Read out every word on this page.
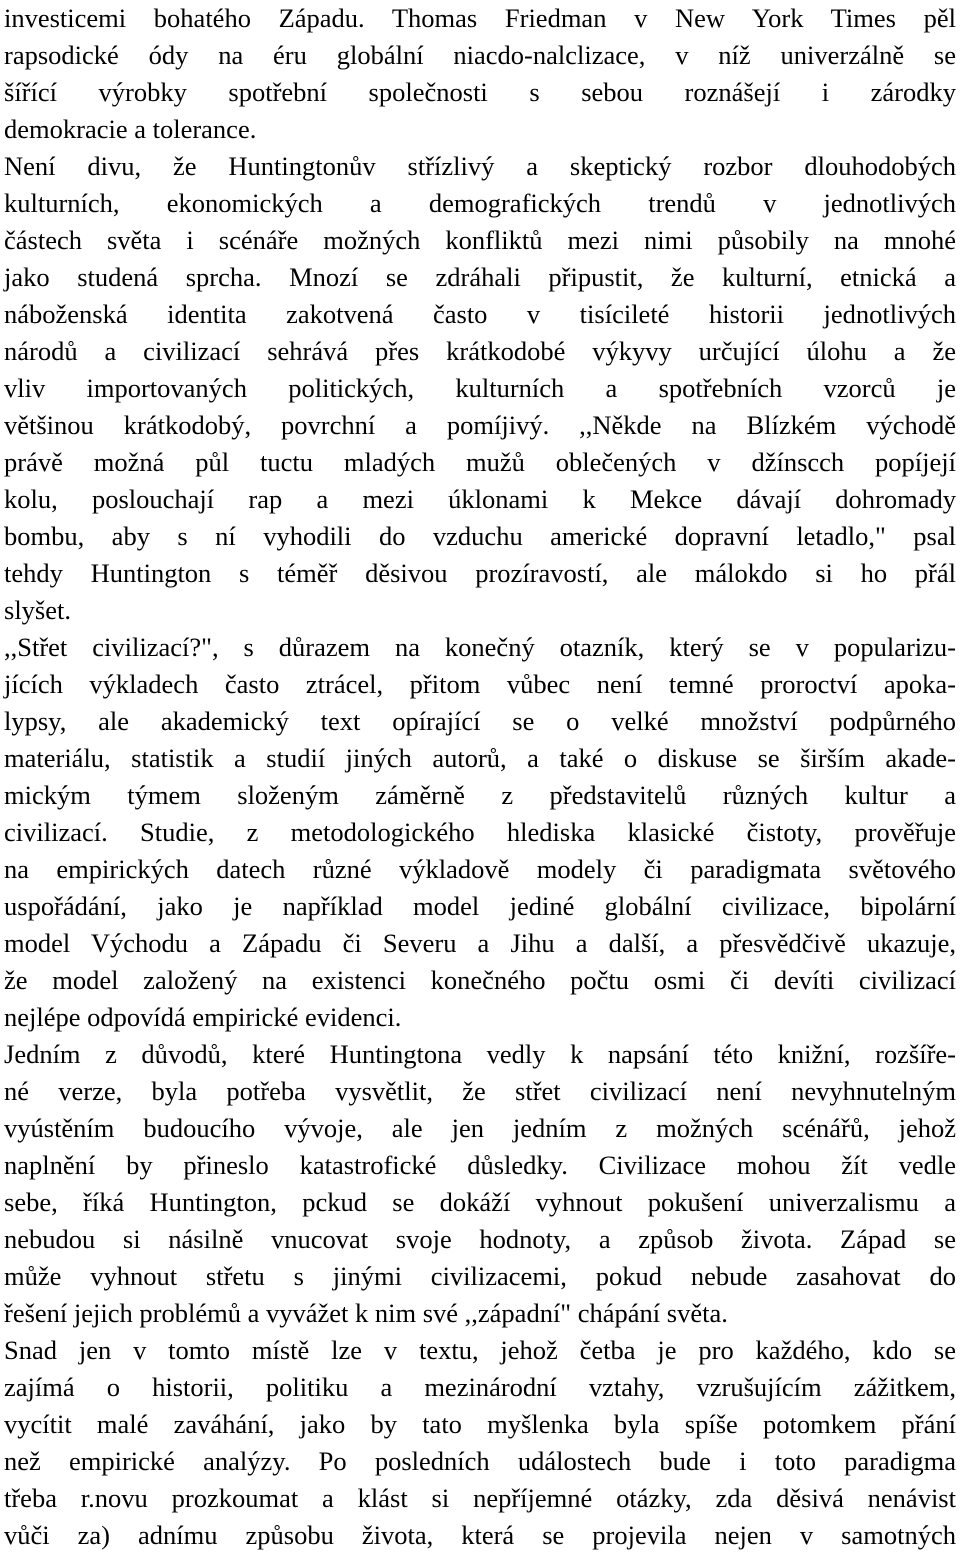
investicemi bohatého Západu. Thomas Friedman v New York Times pěl
rapsodické ódy na éru globální niacdo-nalclizace, v níž univerzálně se
šířící výrobky spotřební společnosti s sebou roznášejí i zárodky
demokracie a tolerance.
Není divu, že Huntingtonův střízlivý a skeptický rozbor dlouhodobých
kulturních, ekonomických a demografických trendů v jednotlivých
částech světa i scénáře možných konfliktů mezi nimi působily na mnohé
jako studená sprcha. Mnozí se zdráhali připustit, že kulturní, etnická a
náboženská identita zakotvená často v tisícileté historii jednotlivých
národů a civilizací sehrává přes krátkodobé výkyvy určující úlohu a že
vliv importovaných politických, kulturních a spotřebních vzorců je
většinou krátkodobý, povrchní a pomíjivý. ,,Někde na Blízkém východě
právě možná půl tuctu mladých mužů oblečených v džínscch popíjejí
kolu, poslouchají rap a mezi úklonami k Mekce dávají dohromady
bombu, aby s ní vyhodili do vzduchu americké dopravní letadlo," psal
tehdy Huntington s téměř děsivou prozíravostí, ale málokdo si ho přál
slyšet.
,,Střet civilizací?", s důrazem na konečný otazník, který se v popularizu-
jících výkladech často ztrácel, přitom vůbec není temné proroctví apoka-
lypsy, ale akademický text opírající se o velké množství podpůrného
materiálu, statistik a studií jiných autorů, a také o diskuse se širším akade-
mickým týmem složeným záměrně z představitelů různých kultur a
civilizací. Studie, z metodologického hlediska klasické čistoty, prověřuje
na empirických datech různé výkladově modely či paradigmata světového
uspořádání, jako je například model jediné globální civilizace, bipolární
model Východu a Západu či Severu a Jihu a další, a přesvědčivě ukazuje,
že model založený na existenci konečného počtu osmi či devíti civilizací
nejlépe odpovídá empirické evidenci.
Jedním z důvodů, které Huntingtona vedly k napsání této knižní, rozšíře-
né verze, byla potřeba vysvětlit, že střet civilizací není nevyhnutelným
vyústěním budoucího vývoje, ale jen jedním z možných scénářů, jehož
naplnění by přineslo katastrofické důsledky. Civilizace mohou žít vedle
sebe, říká Huntington, pckud se dokáží vyhnout pokušení univerzalismu a
nebudou si násilně vnucovat svoje hodnoty, a způsob života. Západ se
může vyhnout střetu s jinými civilizacemi, pokud nebude zasahovat do
řešení jejich problémů a vyvážet k nim své ,,západní" chápání světa.
Snad jen v tomto místě lze v textu, jehož četba je pro každého, kdo se
zajímá o historii, politiku a mezinárodní vztahy, vzrušujícím zážitkem,
vycítit malé zaváhání, jako by tato myšlenka byla spíše potomkem přání
než empirické analýzy. Po posledních událostech bude i toto paradigma
třeba r.novu prozkoumat a klást si nepříjemné otázky, zda děsivá nenávist
vůči za) adnímu způsobu života, která se projevila nejen v samotných
